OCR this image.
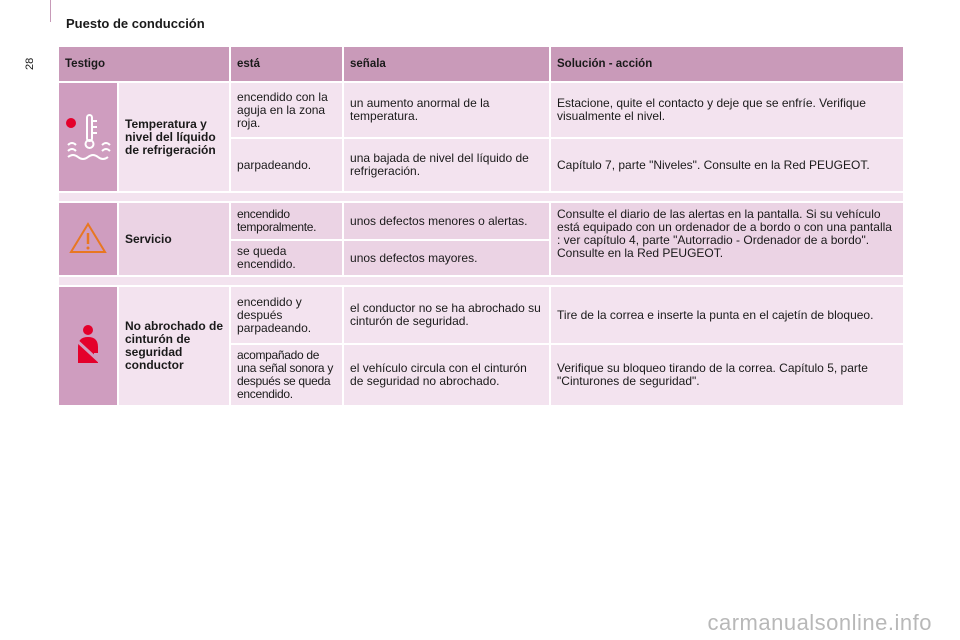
Puesto de conducción
28	Testigo		está	señala	Solución - acción
	Temperatura y nivel del líquido de refrigeración	encendido con la aguja en la zona roja.	un aumento anormal de la temperatura.	Estacione, quite el contacto y deje que se enfríe. Verifique visualmente el nivel.
		parpadeando.	una bajada de nivel del líquido de refrigeración.	Capítulo 7, parte "Niveles". Consulte en la Red PEUGEOT.

	Servicio	encendido temporalmente.	unos defectos menores o alertas.	Consulte el diario de las alertas en la pantalla. Si su vehículo está equipado con un ordenador de a bordo o con una pantalla : ver capítulo 4, parte "Autorradio - Ordenador de a bordo". Consulte en la Red PEUGEOT.
		se queda encendido.	unos defectos mayores.	

	No abrochado de cinturón de seguridad conductor	encendido y después parpadeando.	el conductor no se ha abrochado su cinturón de seguridad.	Tire de la correa e inserte la punta en el cajetín de bloqueo.
		acompañado de una señal sonora y después se queda encendido.	el vehículo circula con el cinturón de seguridad no abrochado.	Verifique su bloqueo tirando de la correa. Capítulo 5, parte "Cinturones de seguridad".
carmanualsonline.info
